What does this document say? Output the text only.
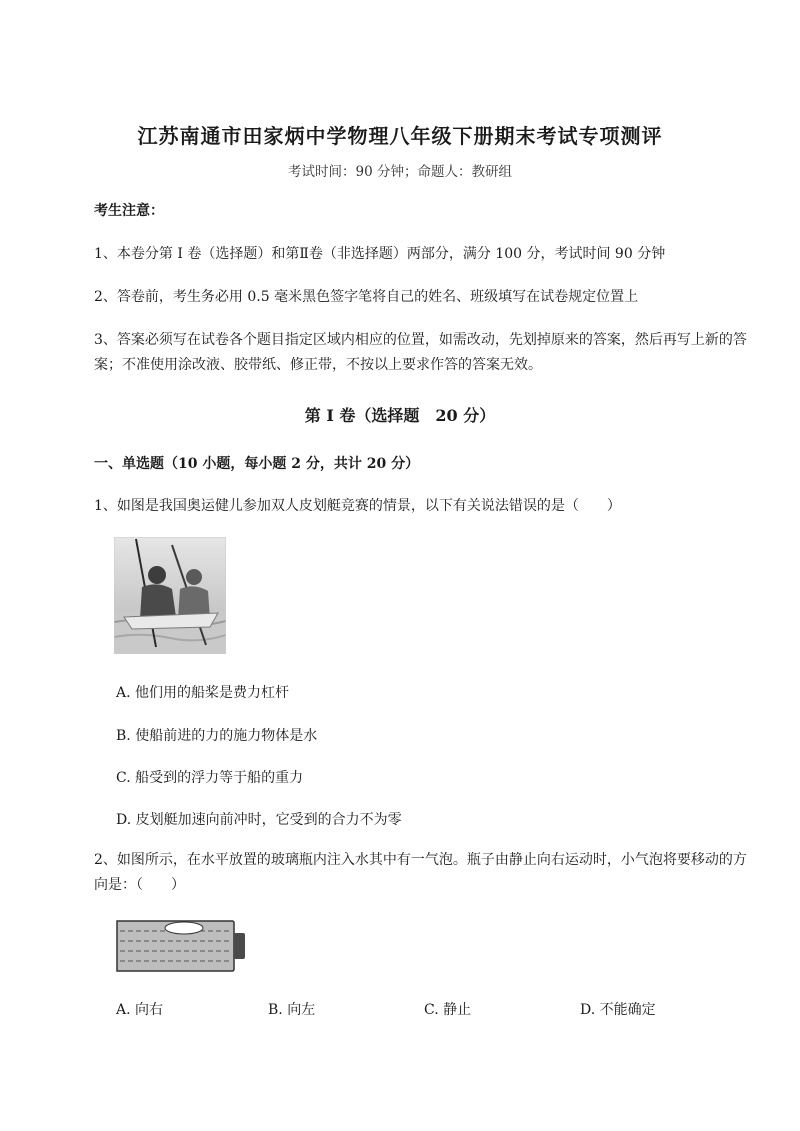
江苏南通市田家炳中学物理八年级下册期末考试专项测评
考试时间：90 分钟；命题人：教研组
考生注意：
1、本卷分第 I 卷（选择题）和第Ⅱ卷（非选择题）两部分，满分 100 分，考试时间 90 分钟
2、答卷前，考生务必用 0.5 毫米黑色签字笔将自己的姓名、班级填写在试卷规定位置上
3、答案必须写在试卷各个题目指定区域内相应的位置，如需改动，先划掉原来的答案，然后再写上新的答案；不准使用涂改液、胶带纸、修正带，不按以上要求作答的答案无效。
第 I 卷（选择题　20 分）
一、单选题（10 小题，每小题 2 分，共计 20 分）
1、如图是我国奥运健儿参加双人皮划艇竞赛的情景，以下有关说法错误的是（　　）
A. 他们用的船桨是费力杠杆
B. 使船前进的力的施力物体是水
C. 船受到的浮力等于船的重力
D. 皮划艇加速向前冲时，它受到的合力不为零
2、如图所示，在水平放置的玻璃瓶内注入水其中有一气泡。瓶子由静止向右运动时，小气泡将要移动的方向是：（　　）
A. 向右	B. 向左	C. 静止	D. 不能确定
